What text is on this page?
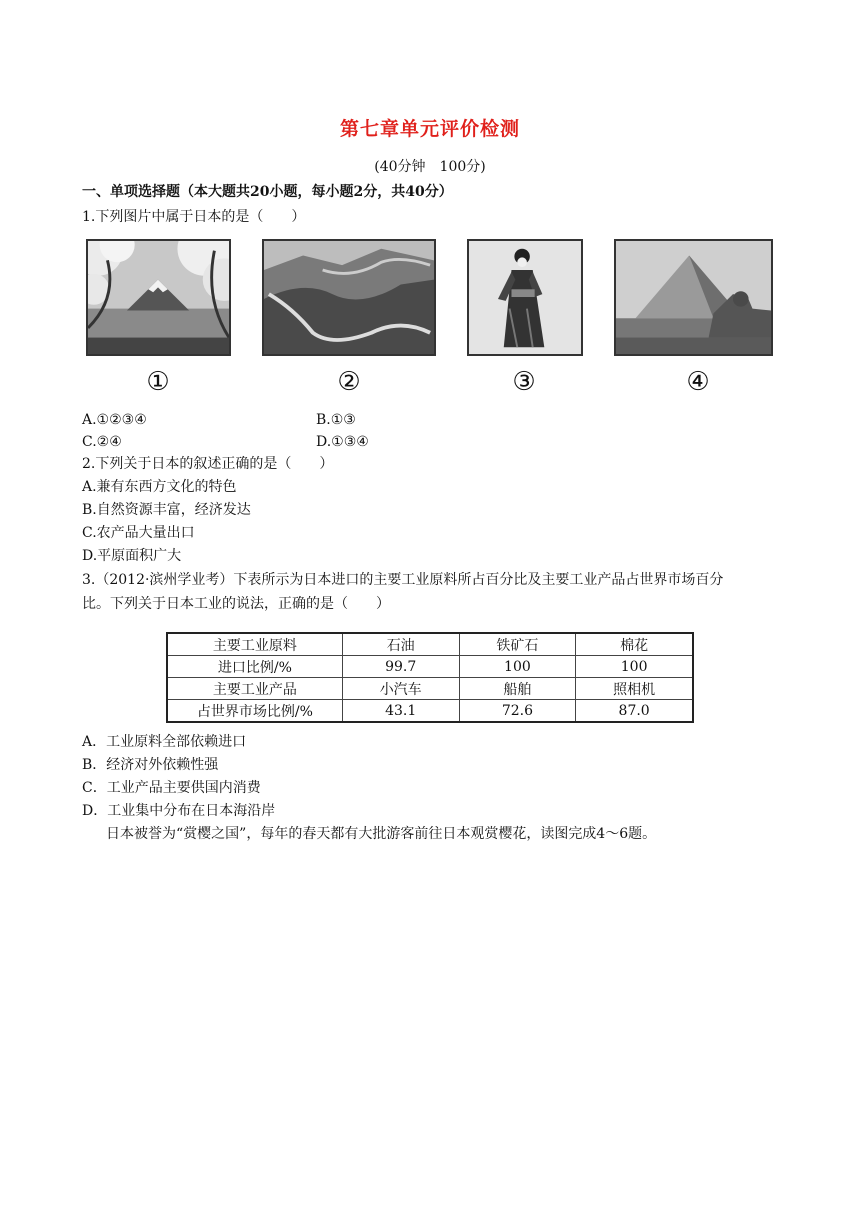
第七章单元评价检测
(40分钟　100分)
一、单项选择题（本大题共20小题，每小题2分，共40分）
1.下列图片中属于日本的是（　　）
①	②	③	④
A.①②③④	B.①③
C.②④	D.①③④
2.下列关于日本的叙述正确的是（　　）
A.兼有东西方文化的特色
B.自然资源丰富，经济发达
C.农产品大量出口
D.平原面积广大
3.（2012·滨州学业考）下表所示为日本进口的主要工业原料所占百分比及主要工业产品占世界市场百分
比。下列关于日本工业的说法，正确的是（　　）
主要工业原料	石油	铁矿石	棉花
进口比例/%	99.7	100	100
主要工业产品	小汽车	船舶	照相机
占世界市场比例/%	43.1	72.6	87.0
A．工业原料全部依赖进口
B．经济对外依赖性强
C．工业产品主要供国内消费
D．工业集中分布在日本海沿岸
日本被誉为“赏樱之国”，每年的春天都有大批游客前往日本观赏樱花，读图完成4～6题。
